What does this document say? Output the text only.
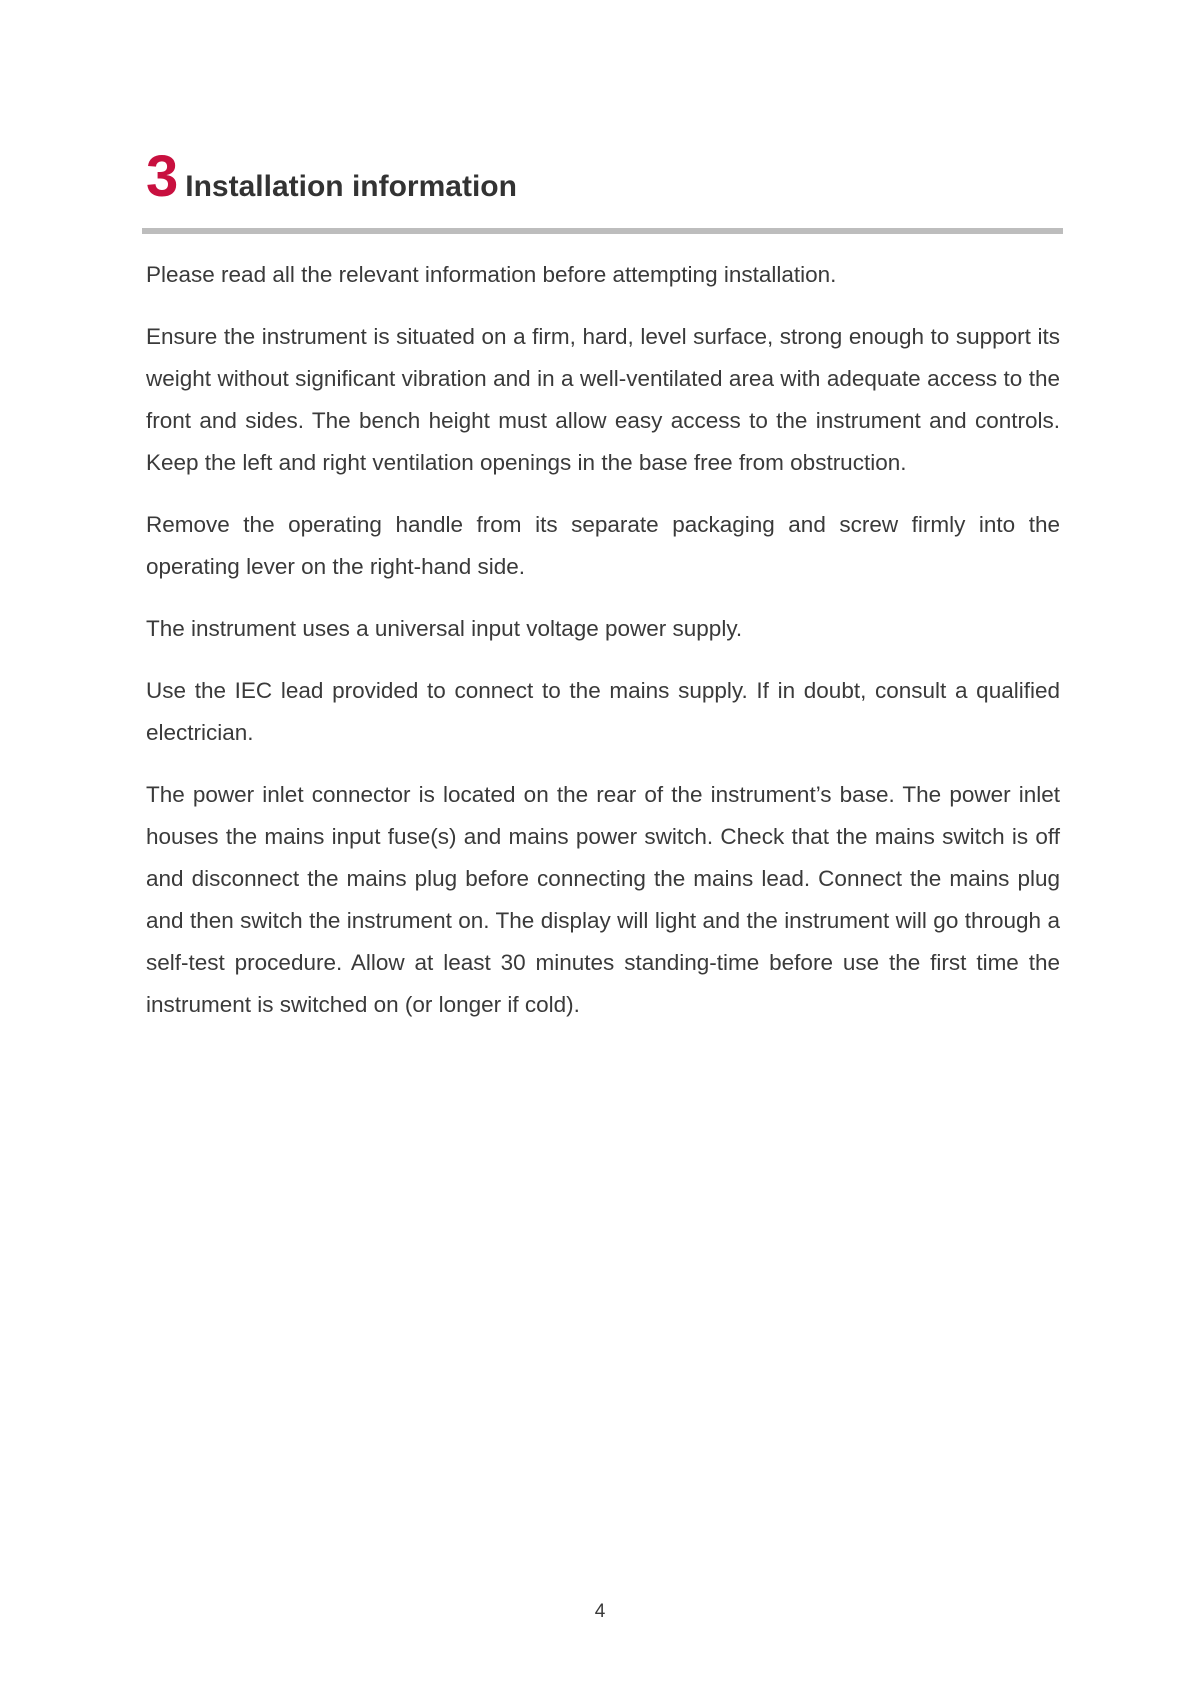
3 Installation information

Please read all the relevant information before attempting installation.

Ensure the instrument is situated on a firm, hard, level surface, strong enough to support its weight without significant vibration and in a well-ventilated area with adequate access to the front and sides. The bench height must allow easy access to the instrument and controls. Keep the left and right ventilation openings in the base free from obstruction.

Remove the operating handle from its separate packaging and screw firmly into the operating lever on the right-hand side.

The instrument uses a universal input voltage power supply.

Use the IEC lead provided to connect to the mains supply. If in doubt, consult a qualified electrician.

The power inlet connector is located on the rear of the instrument’s base. The power inlet houses the mains input fuse(s) and mains power switch. Check that the mains switch is off and disconnect the mains plug before connecting the mains lead. Connect the mains plug and then switch the instrument on. The display will light and the instrument will go through a self-test procedure. Allow at least 30 minutes standing-time before use the first time the instrument is switched on (or longer if cold).

4
